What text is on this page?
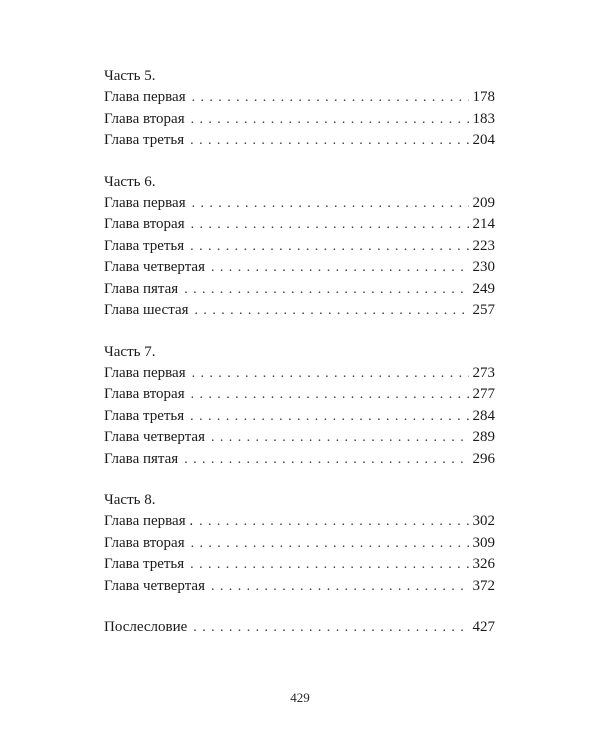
Часть 5.
Глава первая . . .	178
Глава вторая . . .	183
Глава третья . . .	204
Часть 6.
Глава первая . . .	209
Глава вторая . . .	214
Глава третья . . .	223
Глава четвертая . . .	230
Глава пятая . . .	249
Глава шестая . . .	257
Часть 7.
Глава первая . . .	273
Глава вторая . . .	277
Глава третья . . .	284
Глава четвертая . . .	289
Глава пятая . . .	296
Часть 8.
Глава первая . . . .	302
Глава вторая . . .	309
Глава третья . . .	326
Глава четвертая . . .	372
Послесловие . . .	427
429
